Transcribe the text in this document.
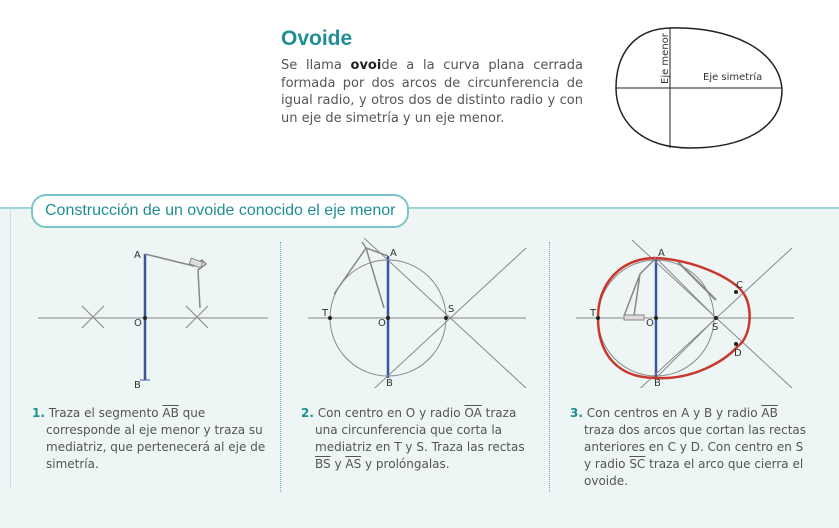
Ovoide
Se llama ovoide a la curva plana cerrada formada por dos arcos de circunferencia de igual radio, y otros dos de distinto radio y con un eje de simetría y un eje menor.
Eje menor	Eje simetría
Construcción de un ovoide conocido el eje menor
A
O
B
A
O
T	S
B
A
O
T
S
C
D
B
1. Traza el segmento $\overline{AB}$ que corresponde al eje menor y traza su mediatriz, que pertenecerá al eje de simetría.
2. Con centro en O y radio $\overline{OA}$ traza una circunferencia que corta la mediatriz en T y S. Traza las rectas $\overline{BS}$ y $\overline{AS}$ y prolóngalas.
3. Con centros en A y B y radio $\overline{AB}$ traza dos arcos que cortan las rectas anteriores en C y D. Con centro en S y radio $\overline{SC}$ traza el arco que cierra el ovoide.
